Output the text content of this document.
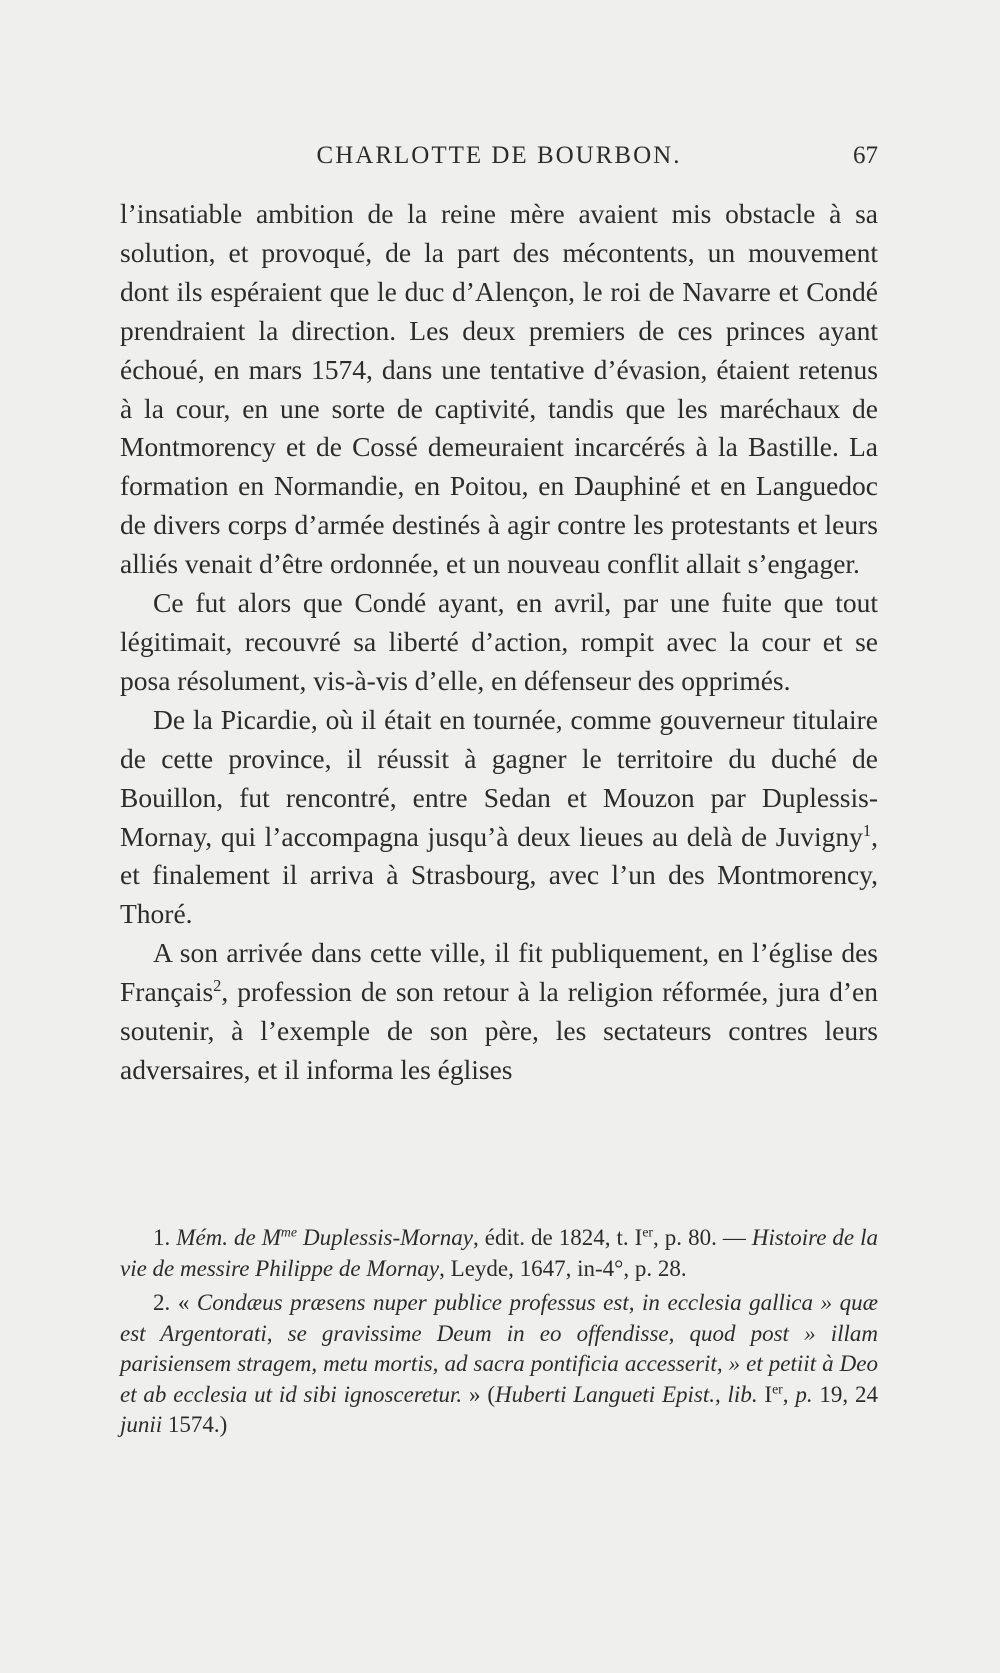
CHARLOTTE DE BOURBON.	67

l’insatiable ambition de la reine mère avaient mis obstacle à sa solution, et provoqué, de la part des mécontents, un mouvement dont ils espéraient que le duc d’Alençon, le roi de Navarre et Condé prendraient la direction. Les deux premiers de ces princes ayant échoué, en mars 1574, dans une tentative d’évasion, étaient retenus à la cour, en une sorte de captivité, tandis que les maréchaux de Montmorency et de Cossé demeuraient incarcérés à la Bastille. La formation en Normandie, en Poitou, en Dauphiné et en Languedoc de divers corps d’armée destinés à agir contre les protestants et leurs alliés venait d’être ordonnée, et un nouveau conflit allait s’engager.

Ce fut alors que Condé ayant, en avril, par une fuite que tout légitimait, recouvré sa liberté d’action, rompit avec la cour et se posa résolument, vis-à-vis d’elle, en défenseur des opprimés.

De la Picardie, où il était en tournée, comme gouverneur titulaire de cette province, il réussit à gagner le territoire du duché de Bouillon, fut rencontré, entre Sedan et Mouzon par Duplessis-Mornay, qui l’accompagna jusqu’à deux lieues au delà de Juvigny$^1$, et finalement il arriva à Strasbourg, avec l’un des Montmorency, Thoré.

A son arrivée dans cette ville, il fit publiquement, en l’église des Français$^2$, profession de son retour à la religion réformée, jura d’en soutenir, à l’exemple de son père, les sectateurs contres leurs adversaires, et il informa les églises

1. Mém. de $M^{me}$ Duplessis-Mornay, édit. de 1824, t. Ier, p. 80. — Histoire de la vie de messire Philippe de Mornay, Leyde, 1647, in-4°, p. 28.

2. « Condæus præsens nuper publice professus est, in ecclesia gallica » quæ est Argentorati, se gravissime Deum in eo offendisse, quod post » illam parisiensem stragem, metu mortis, ad sacra pontificia accesserit, » et petiit à Deo et ab ecclesia ut id sibi ignosceretur. » (Huberti Langueti Epist., lib. Ier, p. 19, 24 junii 1574.)
